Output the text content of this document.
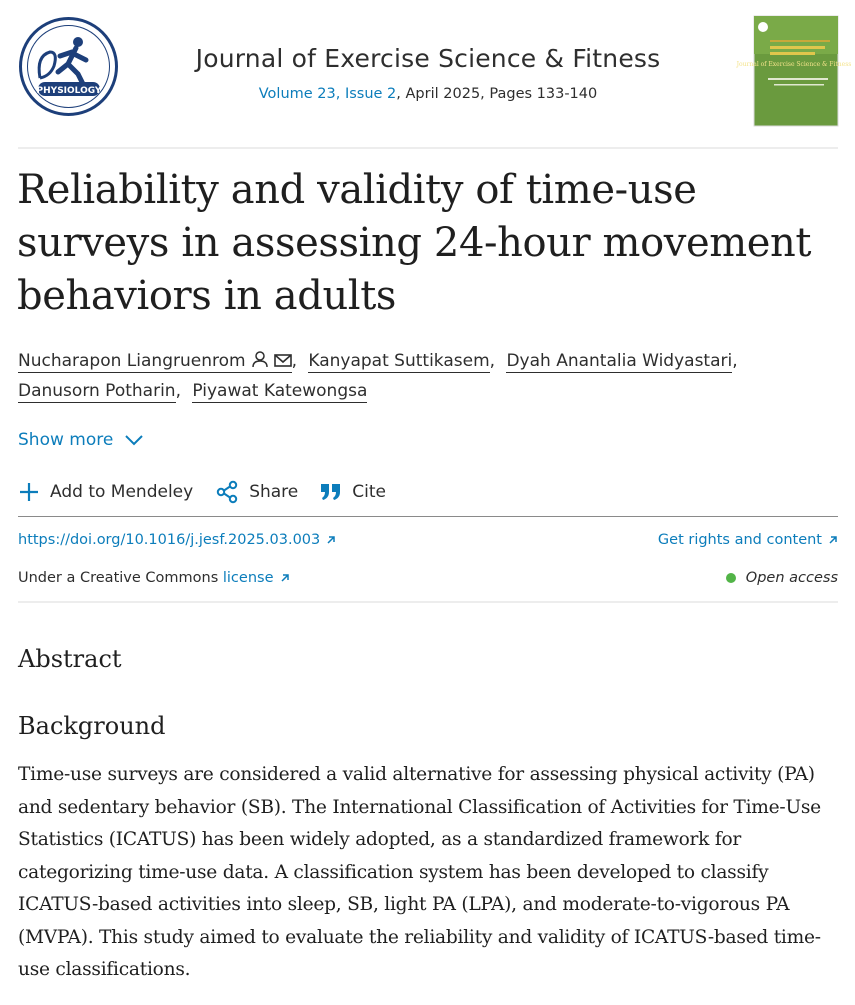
PHYSIOLOGY
Journal of Exercise Science & Fitness
Volume 23, Issue 2, April 2025, Pages 133-140
Journal of Exercise Science & Fitness
Reliability and validity of time-use surveys in assessing 24-hour movement behaviors in adults
Nucharapon Liangruenrom	, Kanyapat Suttikasem, Dyah Anantalia Widyastari,
Danusorn Potharin, Piyawat Katewongsa
Show more
Add to Mendeley	Share	Cite
https://doi.org/10.1016/j.jesf.2025.03.003	Get rights and content
Under a Creative Commons license	Open access
Abstract
Background

Time-use surveys are considered a valid alternative for assessing physical activity (PA) and sedentary behavior (SB). The International Classification of Activities for Time-Use Statistics (ICATUS) has been widely adopted, as a standardized framework for categorizing time-use data. A classification system has been developed to classify ICATUS-based activities into sleep, SB, light PA (LPA), and moderate-to-vigorous PA (MVPA). This study aimed to evaluate the reliability and validity of ICATUS-based time-use classifications.
